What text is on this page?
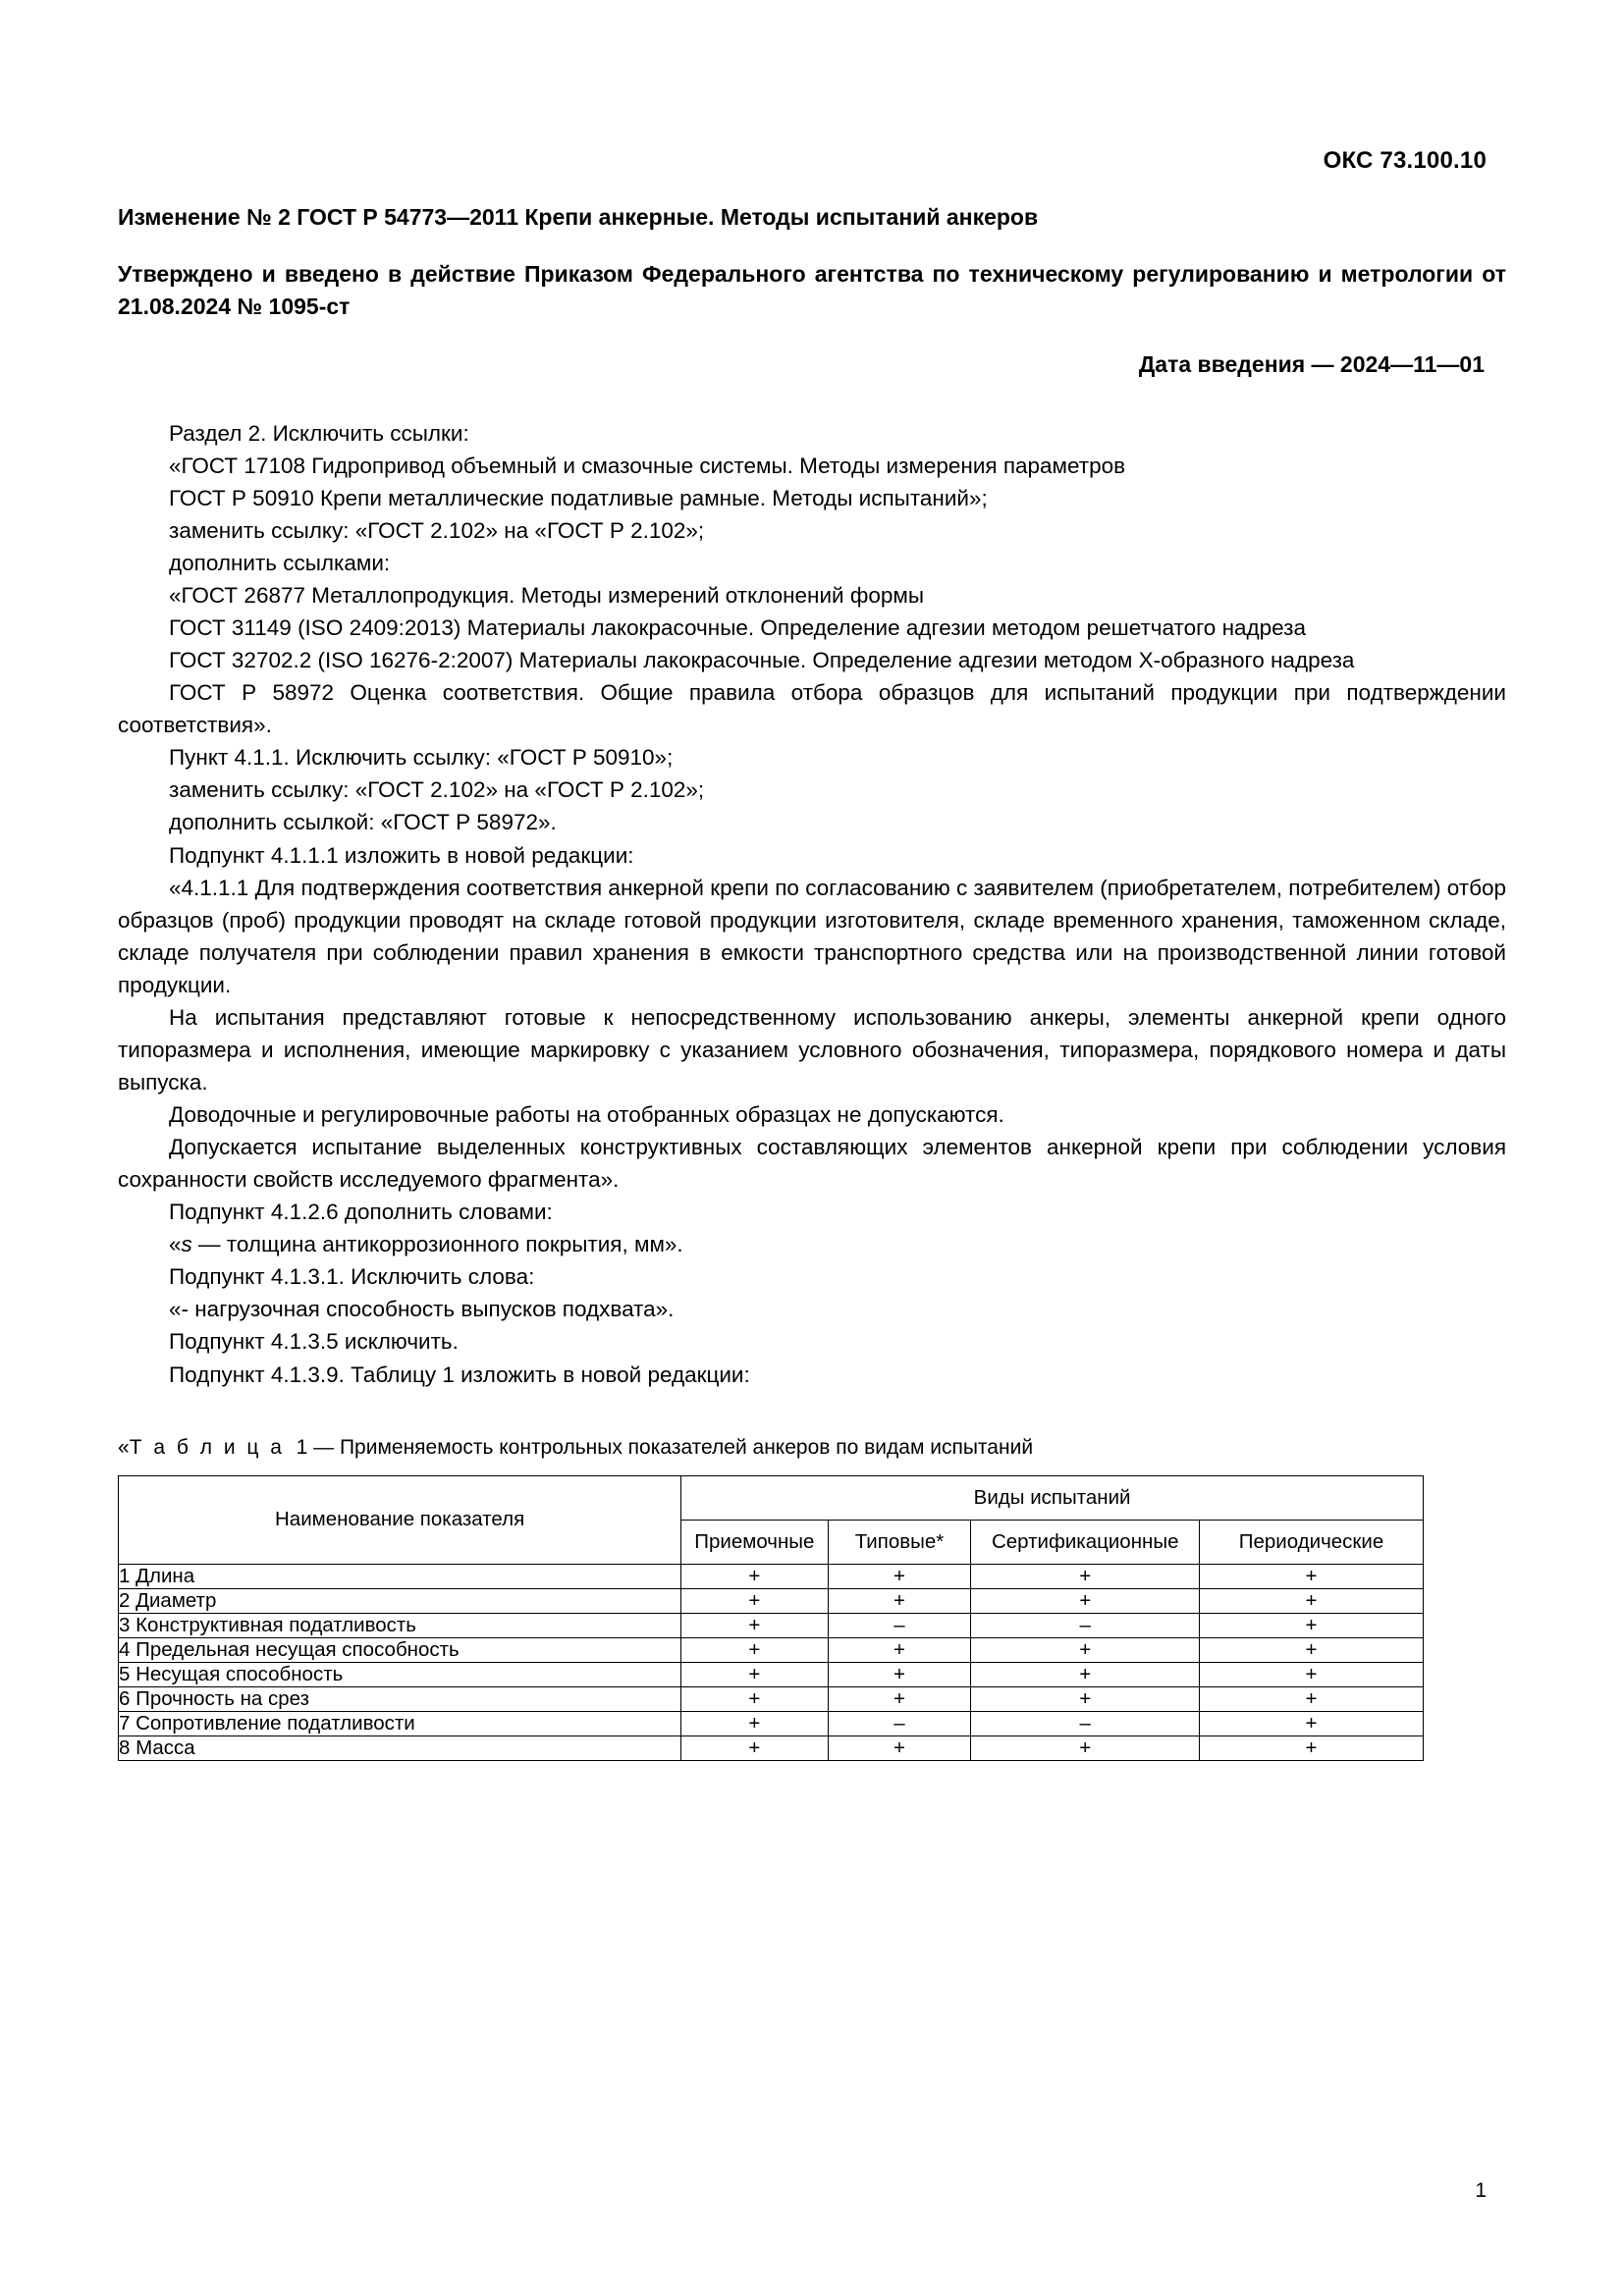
ОКС 73.100.10
Изменение № 2 ГОСТ Р 54773—2011 Крепи анкерные. Методы испытаний анкеров
Утверждено и введено в действие Приказом Федерального агентства по техническому регулированию и метрологии от 21.08.2024 № 1095-ст
Дата введения — 2024—11—01

Раздел 2. Исключить ссылки:

«ГОСТ 17108 Гидропривод объемный и смазочные системы. Методы измерения параметров

ГОСТ Р 50910 Крепи металлические податливые рамные. Методы испытаний»;

заменить ссылку: «ГОСТ 2.102» на «ГОСТ Р 2.102»;

дополнить ссылками:

«ГОСТ 26877 Металлопродукция. Методы измерений отклонений формы

ГОСТ 31149 (ISO 2409:2013) Материалы лакокрасочные. Определение адгезии методом решетчатого надреза

ГОСТ 32702.2 (ISO 16276-2:2007) Материалы лакокрасочные. Определение адгезии методом Х-образного надреза

ГОСТ Р 58972 Оценка соответствия. Общие правила отбора образцов для испытаний продукции при подтверждении соответствия».

Пункт 4.1.1. Исключить ссылку: «ГОСТ Р 50910»;

заменить ссылку: «ГОСТ 2.102» на «ГОСТ Р 2.102»;

дополнить ссылкой: «ГОСТ Р 58972».

Подпункт 4.1.1.1 изложить в новой редакции:

«4.1.1.1 Для подтверждения соответствия анкерной крепи по согласованию с заявителем (приобретателем, потребителем) отбор образцов (проб) продукции проводят на складе готовой продукции изготовителя, складе временного хранения, таможенном складе, складе получателя при соблюдении правил хранения в емкости транспортного средства или на производственной линии готовой продукции.

На испытания представляют готовые к непосредственному использованию анкеры, элементы анкерной крепи одного типоразмера и исполнения, имеющие маркировку с указанием условного обозначения, типоразмера, порядкового номера и даты выпуска.

Доводочные и регулировочные работы на отобранных образцах не допускаются.

Допускается испытание выделенных конструктивных составляющих элементов анкерной крепи при соблюдении условия сохранности свойств исследуемого фрагмента».

Подпункт 4.1.2.6 дополнить словами:

«s — толщина антикоррозионного покрытия, мм».

Подпункт 4.1.3.1. Исключить слова:

«- нагрузочная способность выпусков подхвата».

Подпункт 4.1.3.5 исключить.

Подпункт 4.1.3.9. Таблицу 1 изложить в новой редакции:

«Т а б л и ц а 1 — Применяемость контрольных показателей анкеров по видам испытаний
Наименование показателя	Виды испытаний			
	Приемочные	Типовые*	Сертификационные	Периодические
1 Длина	+	+	+	+
2 Диаметр	+	+	+	+
3 Конструктивная податливость	+	–	–	+
4 Предельная несущая способность	+	+	+	+
5 Несущая способность	+	+	+	+
6 Прочность на срез	+	+	+	+
7 Сопротивление податливости	+	–	–	+
8 Масса	+	+	+	+
1
